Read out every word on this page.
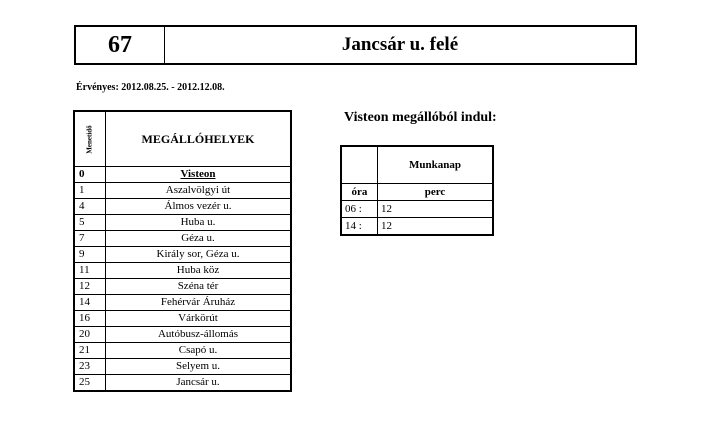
67	Jancsár u. felé
Érvényes: 2012.08.25. - 2012.12.08.
Menetidő	MEGÁLLÓHELYEK
0	Visteon
1	Aszalvölgyi út
4	Álmos vezér u.
5	Huba u.
7	Géza u.
9	Király sor, Géza u.
11	Huba köz
12	Széna tér
14	Fehérvár Áruház
16	Várkörút
20	Autóbusz-állomás
21	Csapó u.
23	Selyem u.
25	Jancsár u.
Visteon megállóból indul:
	Munkanap
óra	perc
06 :	12
14 :	12
